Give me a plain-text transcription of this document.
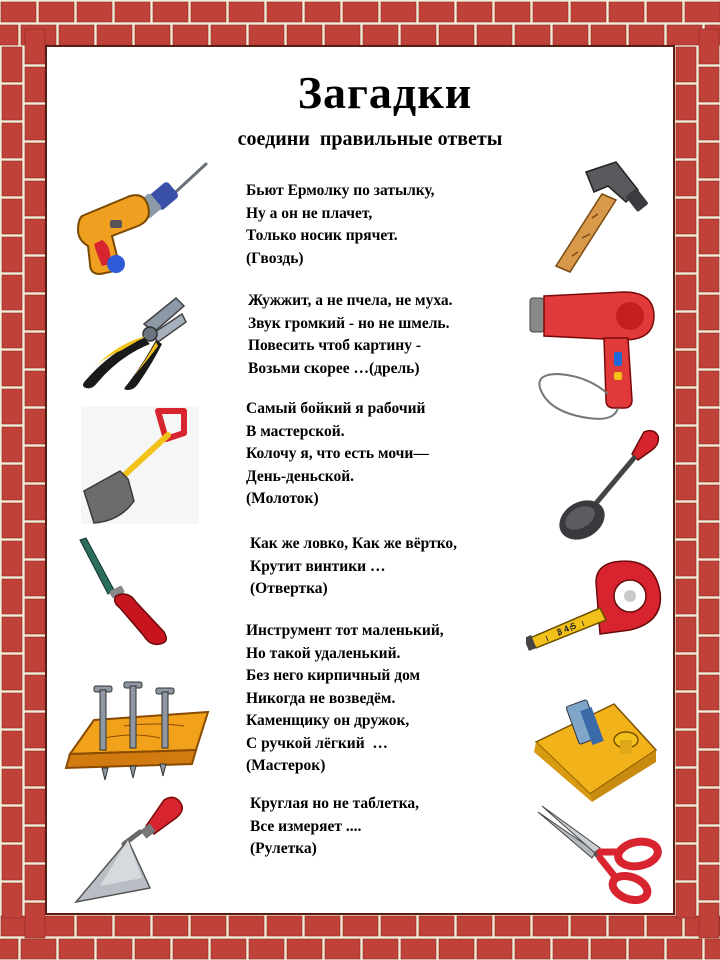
Загадки
соедини  правильные ответы
Бьют Ермолку по затылку,
Ну а он не плачет,
Только носик прячет.
(Гвоздь)
Жужжит, а не пчела, не муха.
Звук громкий ‐ но не шмель.
Повесить чтоб картину ‐
Возьми скорее …(дрель)
Самый бойкий я рабочий
В мастерской.
Колочу я, что есть мочи—
День‐деньской.
(Молоток)
Как же ловко, Как же вёртко,
Крутит винтики …
(Отвертка)
Инструмент тот маленький,
Но такой удаленький.
Без него кирпичный дом
Никогда не возведём.
Каменщику он дружок,
С ручкой лёгкий  …
(Мастерок)
Круглая но не таблетка,
Все измеряет ....
(Рулетка)
3 4 5
